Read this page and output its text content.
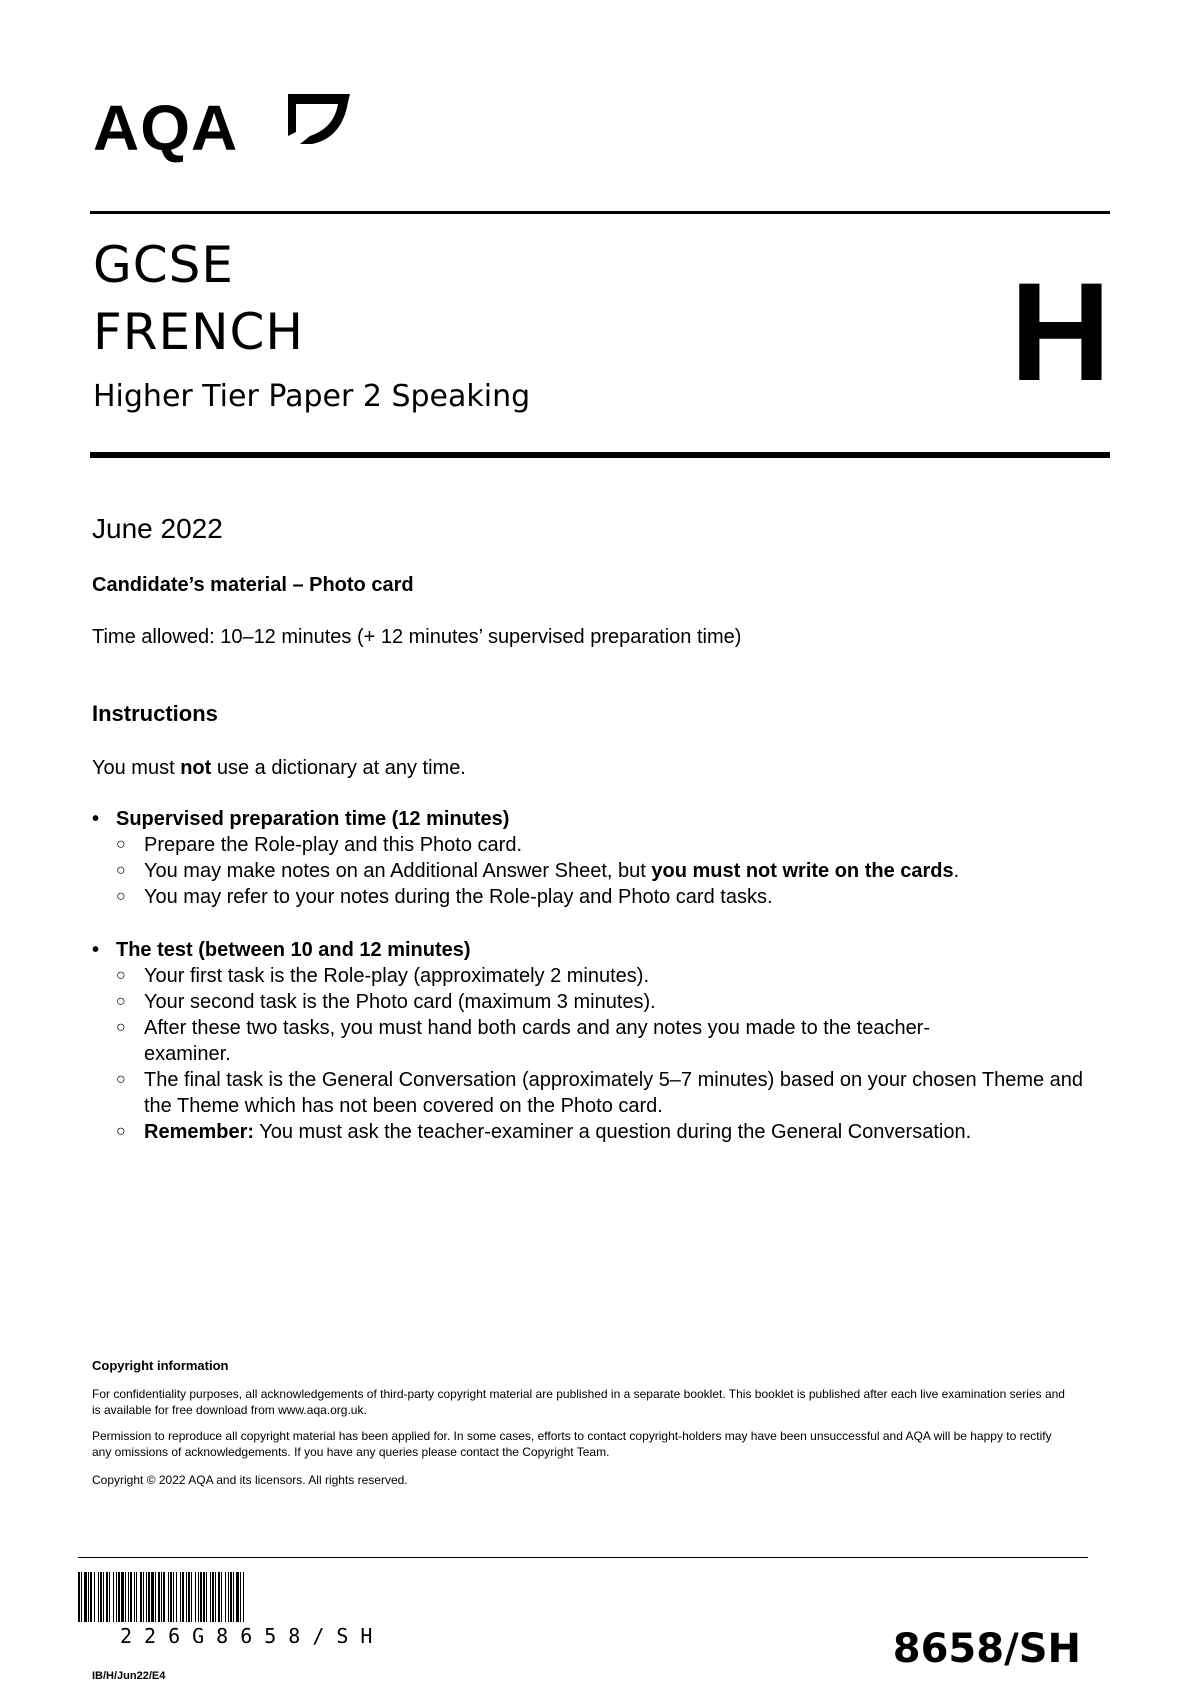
AQA
GCSE
FRENCH
Higher Tier Paper 2 Speaking	H
June 2022
Candidate’s material – Photo card
Time allowed: 10–12 minutes (+ 12 minutes’ supervised preparation time)
Instructions
You must not use a dictionary at any time.
• Supervised preparation time (12 minutes)
○ Prepare the Role-play and this Photo card.
○ You may make notes on an Additional Answer Sheet, but you must not write on the cards.
○ You may refer to your notes during the Role-play and Photo card tasks.
• The test (between 10 and 12 minutes)
○ Your first task is the Role-play (approximately 2 minutes).
○ Your second task is the Photo card (maximum 3 minutes).
○ After these two tasks, you must hand both cards and any notes you made to the teacher-examiner.
○ The final task is the General Conversation (approximately 5–7 minutes) based on your chosen Theme and the Theme which has not been covered on the Photo card.
○ Remember: You must ask the teacher-examiner a question during the General Conversation.
Copyright information
For confidentiality purposes, all acknowledgements of third-party copyright material are published in a separate booklet. This booklet is published after each live examination series and is available for free download from www.aqa.org.uk.
Permission to reproduce all copyright material has been applied for. In some cases, efforts to contact copyright-holders may have been unsuccessful and AQA will be happy to rectify any omissions of acknowledgements. If you have any queries please contact the Copyright Team.
Copyright © 2022 AQA and its licensors. All rights reserved.
226G8658/SH
IB/H/Jun22/E4
8658/SH
